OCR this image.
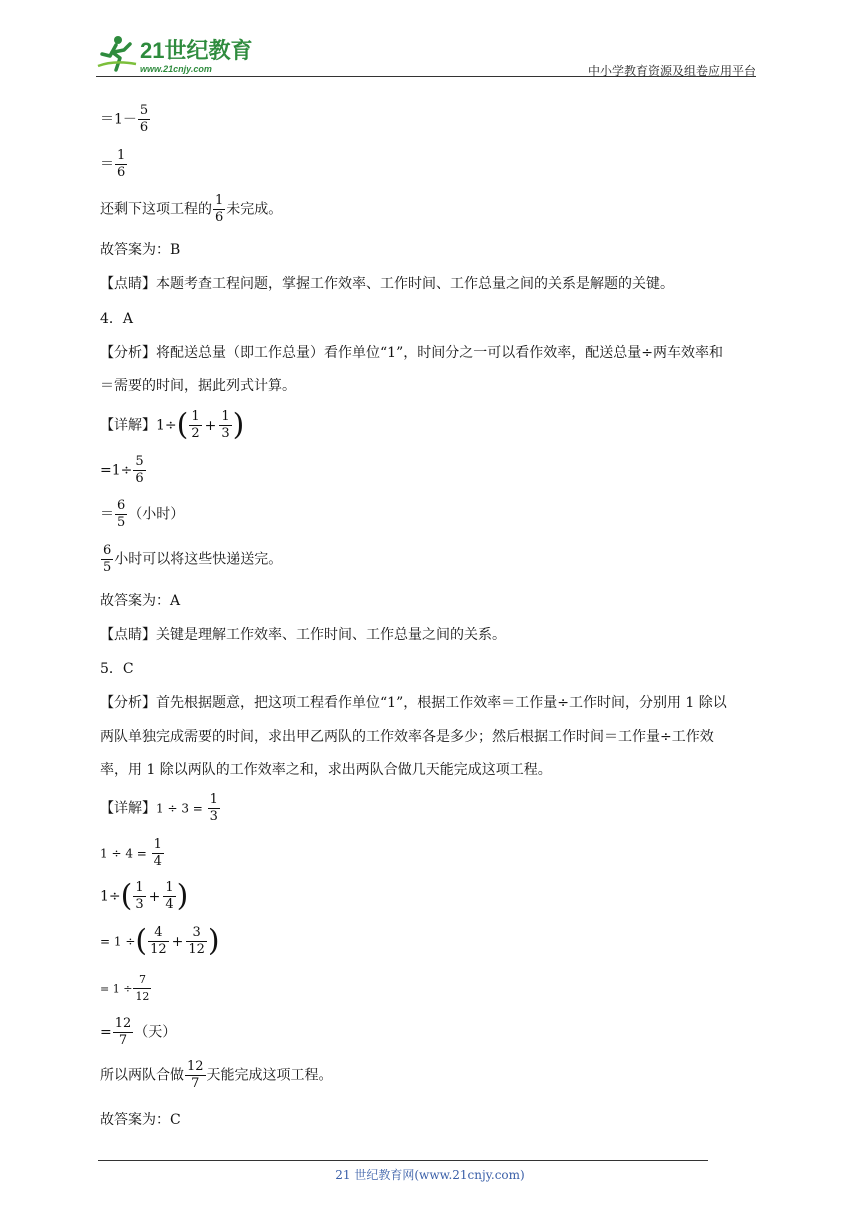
21世纪教育
www.21cnjy.com	中小学教育资源及组卷应用平台
$=1- \frac{5}{6}$
＝ $\frac{1}{6}$
还剩下这项工程的 $\frac{1}{6}$ 未完成。
故答案为：B
【点睛】本题考查工程问题，掌握工作效率、工作时间、工作总量之间的关系是解题的关键。
4．A
【分析】将配送总量（即工作总量）看作单位“1”，时间分之一可以看作效率，配送总量÷两车效率和
＝需要的时间，据此列式计算。
【详解】$1\div( \frac{1}{2} + \frac{1}{3}$ )
$=1\div \frac{5}{6}$
＝ $\frac{6}{5}$ （小时）
$\frac{6}{5}$ 小时可以将这些快递送完。
故答案为：A
【点睛】关键是理解工作效率、工作时间、工作总量之间的关系。
5．C
【分析】首先根据题意，把这项工程看作单位“1”，根据工作效率＝工作量÷工作时间，分别用 1 除以
两队单独完成需要的时间，求出甲乙两队的工作效率各是多少；然后根据工作时间＝工作量÷工作效
率，用 1 除以两队的工作效率之和，求出两队合做几天能完成这项工程。
【详解】$1 \div 3 = \frac{1}{3}$
$1 \div 4 = \frac{1}{4}$
$1\div( \frac{1}{3} + \frac{1}{4}$ )
= 1 ÷( $\frac{4}{12} + \frac{3}{12}$ )
= $1 \div \frac{7}{12}$
= $\frac{12}{7}$ （天）
所以两队合做 $\frac{12}{7}$ 天能完成这项工程。
故答案为：C
21 世纪教育网(www.21cnjy.com)
